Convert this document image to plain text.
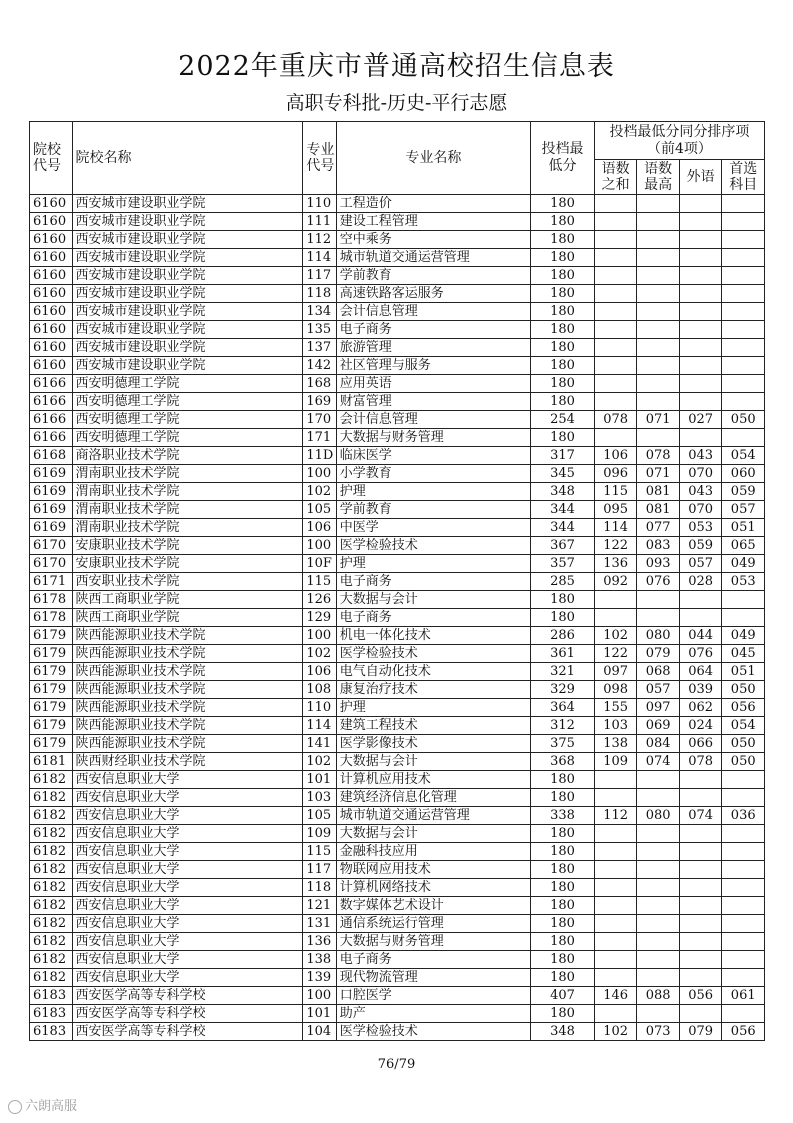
2022年重庆市普通高校招生信息表
高职专科批-历史-平行志愿
院校代号	院校名称	专业代号	专业名称	投档最低分	投档最低分同分排序项（前4项）			
					语数之和	语数最高	外语	首选科目
6160	西安城市建设职业学院	110	工程造价	180				
6160	西安城市建设职业学院	111	建设工程管理	180				
6160	西安城市建设职业学院	112	空中乘务	180				
6160	西安城市建设职业学院	114	城市轨道交通运营管理	180				
6160	西安城市建设职业学院	117	学前教育	180				
6160	西安城市建设职业学院	118	高速铁路客运服务	180				
6160	西安城市建设职业学院	134	会计信息管理	180				
6160	西安城市建设职业学院	135	电子商务	180				
6160	西安城市建设职业学院	137	旅游管理	180				
6160	西安城市建设职业学院	142	社区管理与服务	180				
6166	西安明德理工学院	168	应用英语	180				
6166	西安明德理工学院	169	财富管理	180				
6166	西安明德理工学院	170	会计信息管理	254	078	071	027	050
6166	西安明德理工学院	171	大数据与财务管理	180				
6168	商洛职业技术学院	11D	临床医学	317	106	078	043	054
6169	渭南职业技术学院	100	小学教育	345	096	071	070	060
6169	渭南职业技术学院	102	护理	348	115	081	043	059
6169	渭南职业技术学院	105	学前教育	344	095	081	070	057
6169	渭南职业技术学院	106	中医学	344	114	077	053	051
6170	安康职业技术学院	100	医学检验技术	367	122	083	059	065
6170	安康职业技术学院	10F	护理	357	136	093	057	049
6171	西安职业技术学院	115	电子商务	285	092	076	028	053
6178	陕西工商职业学院	126	大数据与会计	180				
6178	陕西工商职业学院	129	电子商务	180				
6179	陕西能源职业技术学院	100	机电一体化技术	286	102	080	044	049
6179	陕西能源职业技术学院	102	医学检验技术	361	122	079	076	045
6179	陕西能源职业技术学院	106	电气自动化技术	321	097	068	064	051
6179	陕西能源职业技术学院	108	康复治疗技术	329	098	057	039	050
6179	陕西能源职业技术学院	110	护理	364	155	097	062	056
6179	陕西能源职业技术学院	114	建筑工程技术	312	103	069	024	054
6179	陕西能源职业技术学院	141	医学影像技术	375	138	084	066	050
6181	陕西财经职业技术学院	102	大数据与会计	368	109	074	078	050
6182	西安信息职业大学	101	计算机应用技术	180				
6182	西安信息职业大学	103	建筑经济信息化管理	180				
6182	西安信息职业大学	105	城市轨道交通运营管理	338	112	080	074	036
6182	西安信息职业大学	109	大数据与会计	180				
6182	西安信息职业大学	115	金融科技应用	180				
6182	西安信息职业大学	117	物联网应用技术	180				
6182	西安信息职业大学	118	计算机网络技术	180				
6182	西安信息职业大学	121	数字媒体艺术设计	180				
6182	西安信息职业大学	131	通信系统运行管理	180				
6182	西安信息职业大学	136	大数据与财务管理	180				
6182	西安信息职业大学	138	电子商务	180				
6182	西安信息职业大学	139	现代物流管理	180				
6183	西安医学高等专科学校	100	口腔医学	407	146	088	056	061
6183	西安医学高等专科学校	101	助产	180				
6183	西安医学高等专科学校	104	医学检验技术	348	102	073	079	056
76/79
六朗高服
